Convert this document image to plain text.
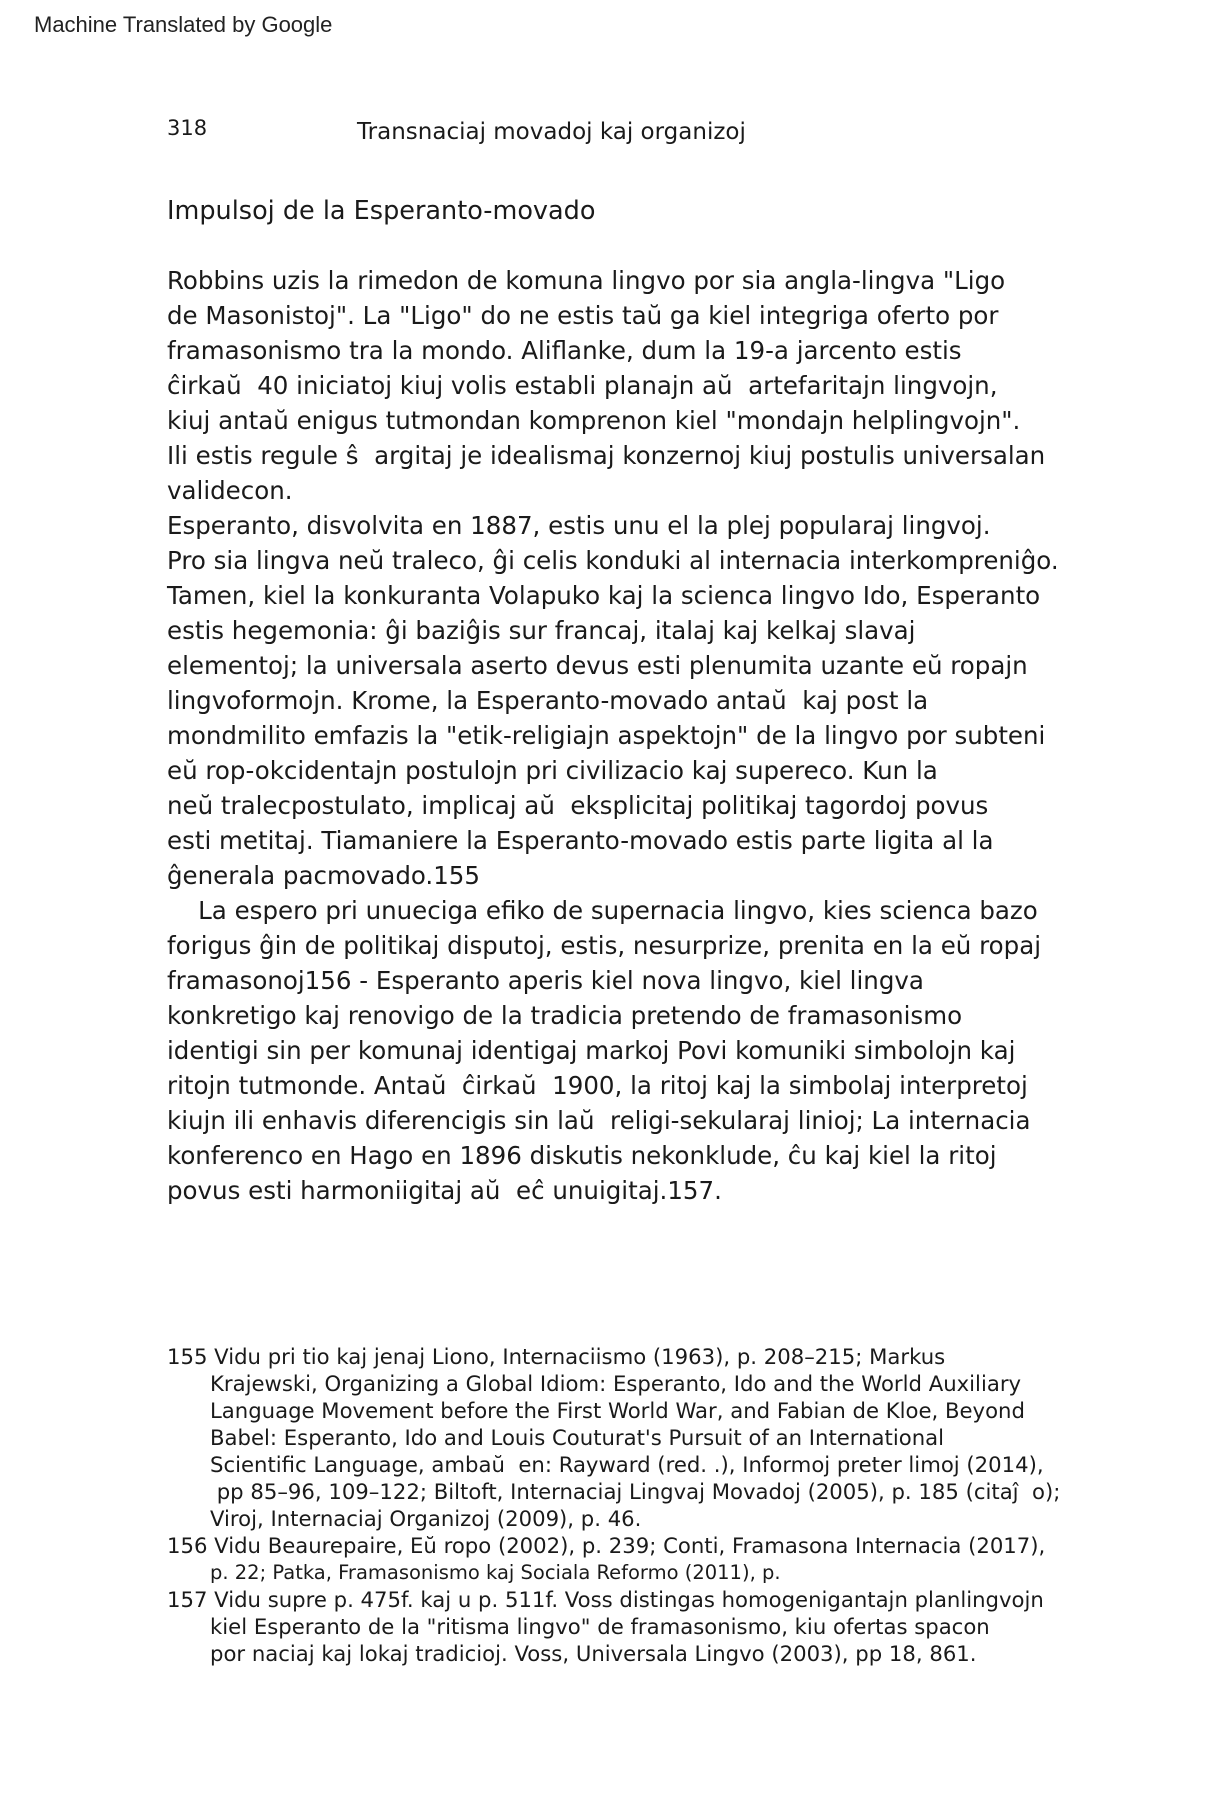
Machine Translated by Google
318	Transnaciaj movadoj kaj organizoj
Impulsoj de la Esperanto-movado
Robbins uzis la rimedon de komuna lingvo por sia angla-lingva "Ligo
de Masonistoj". La "Ligo" do ne estis taŭ ga kiel integriga oferto por
framasonismo tra la mondo. Aliflanke, dum la 19-a jarcento estis
ĉirkaŭ  40 iniciatoj kiuj volis establi planajn aŭ  artefaritajn lingvojn,
kiuj antaŭ enigus tutmondan komprenon kiel "mondajn helplingvojn".
Ili estis regule ŝ  argitaj je idealismaj konzernoj kiuj postulis universalan
validecon.
Esperanto, disvolvita en 1887, estis unu el la plej popularaj lingvoj.
Pro sia lingva neŭ traleco, ĝi celis konduki al internacia interkompreniĝo.
Tamen, kiel la konkuranta Volapuko kaj la scienca lingvo Ido, Esperanto
estis hegemonia: ĝi baziĝis sur francaj, italaj kaj kelkaj slavaj
elementoj; la universala aserto devus esti plenumita uzante eŭ ropajn
lingvoformojn. Krome, la Esperanto-movado antaŭ  kaj post la
mondmilito emfazis la "etik-religiajn aspektojn" de la lingvo por subteni
eŭ rop-okcidentajn postulojn pri civilizacio kaj supereco. Kun la
neŭ tralecpostulato, implicaj aŭ  eksplicitaj politikaj tagordoj povus
esti metitaj. Tiamaniere la Esperanto-movado estis parte ligita al la
ĝenerala pacmovado.155
La espero pri unueciga efiko de supernacia lingvo, kies scienca bazo
forigus ĝin de politikaj disputoj, estis, nesurprize, prenita en la eŭ ropaj
framasonoj156 - Esperanto aperis kiel nova lingvo, kiel lingva
konkretigo kaj renovigo de la tradicia pretendo de framasonismo
identigi sin per komunaj identigaj markoj Povi komuniki simbolojn kaj
ritojn tutmonde. Antaŭ  ĉirkaŭ  1900, la ritoj kaj la simbolaj interpretoj
kiujn ili enhavis diferencigis sin laŭ  religi-sekularaj linioj; La internacia
konferenco en Hago en 1896 diskutis nekonklude, ĉu kaj kiel la ritoj
povus esti harmoniigitaj aŭ  eĉ unuigitaj.157.
155 Vidu pri tio kaj jenaj Liono, Internaciismo (1963), p. 208–215; Markus
Krajewski, Organizing a Global Idiom: Esperanto, Ido and the World Auxiliary
Language Movement before the First World War, and Fabian de Kloe, Beyond
Babel: Esperanto, Ido and Louis Couturat's Pursuit of an International
Scientific Language, ambaŭ  en: Rayward (red. .), Informoj preter limoj (2014),
pp 85–96, 109–122; Biltoft, Internaciaj Lingvaj Movadoj (2005), p. 185 (citaĵ  o);
Viroj, Internaciaj Organizoj (2009), p. 46.
156 Vidu Beaurepaire, Eŭ ropo (2002), p. 239; Conti, Framasona Internacia (2017),
p. 22; Patka, Framasonismo kaj Sociala Reformo (2011), p.
157 Vidu supre p. 475f. kaj u p. 511f. Voss distingas homogenigantajn planlingvojn
kiel Esperanto de la "ritisma lingvo" de framasonismo, kiu ofertas spacon
por naciaj kaj lokaj tradicioj. Voss, Universala Lingvo (2003), pp 18, 861.
